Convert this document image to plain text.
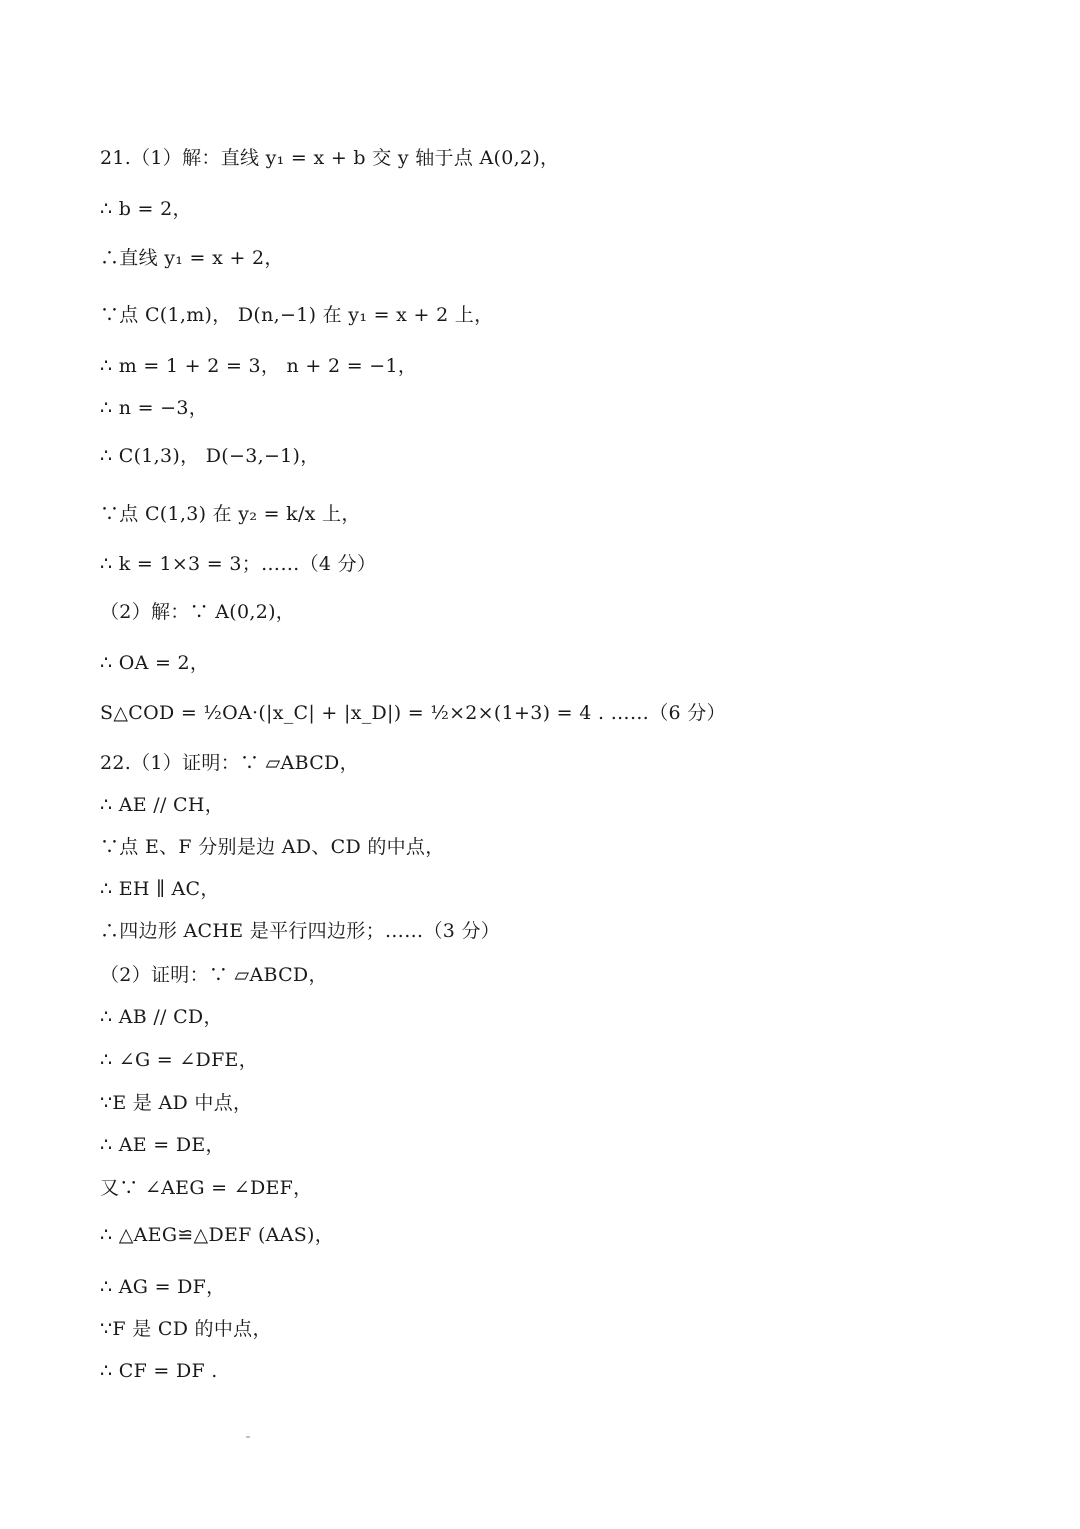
21.（1）解：直线 y₁ = x + b 交 y 轴于点 A(0,2)，
∴ b = 2，
∴直线 y₁ = x + 2，
∵点 C(1,m)， D(n,−1) 在 y₁ = x + 2 上，
∴ m = 1 + 2 = 3， n + 2 = −1，
∴ n = −3，
∴ C(1,3)， D(−3,−1)，
∵点 C(1,3) 在 y₂ = k/x 上，
∴ k = 1×3 = 3；……（4 分）
（2）解：∵ A(0,2)，
∴ OA = 2，
S△COD = ½OA·(|x_C| + |x_D|) = ½×2×(1+3) = 4 . ……（6 分）
22.（1）证明：∵ ▱ABCD，
∴ AE // CH，
∵点 E、F 分别是边 AD、CD 的中点，
∴ EH ∥ AC，
∴四边形 ACHE 是平行四边形；……（3 分）
（2）证明：∵ ▱ABCD，
∴ AB // CD，
∴ ∠G = ∠DFE，
∵E 是 AD 中点，
∴ AE = DE，
又∵ ∠AEG = ∠DEF，
∴ △AEG≌△DEF (AAS)，
∴ AG = DF，
∵F 是 CD 的中点，
∴ CF = DF .
